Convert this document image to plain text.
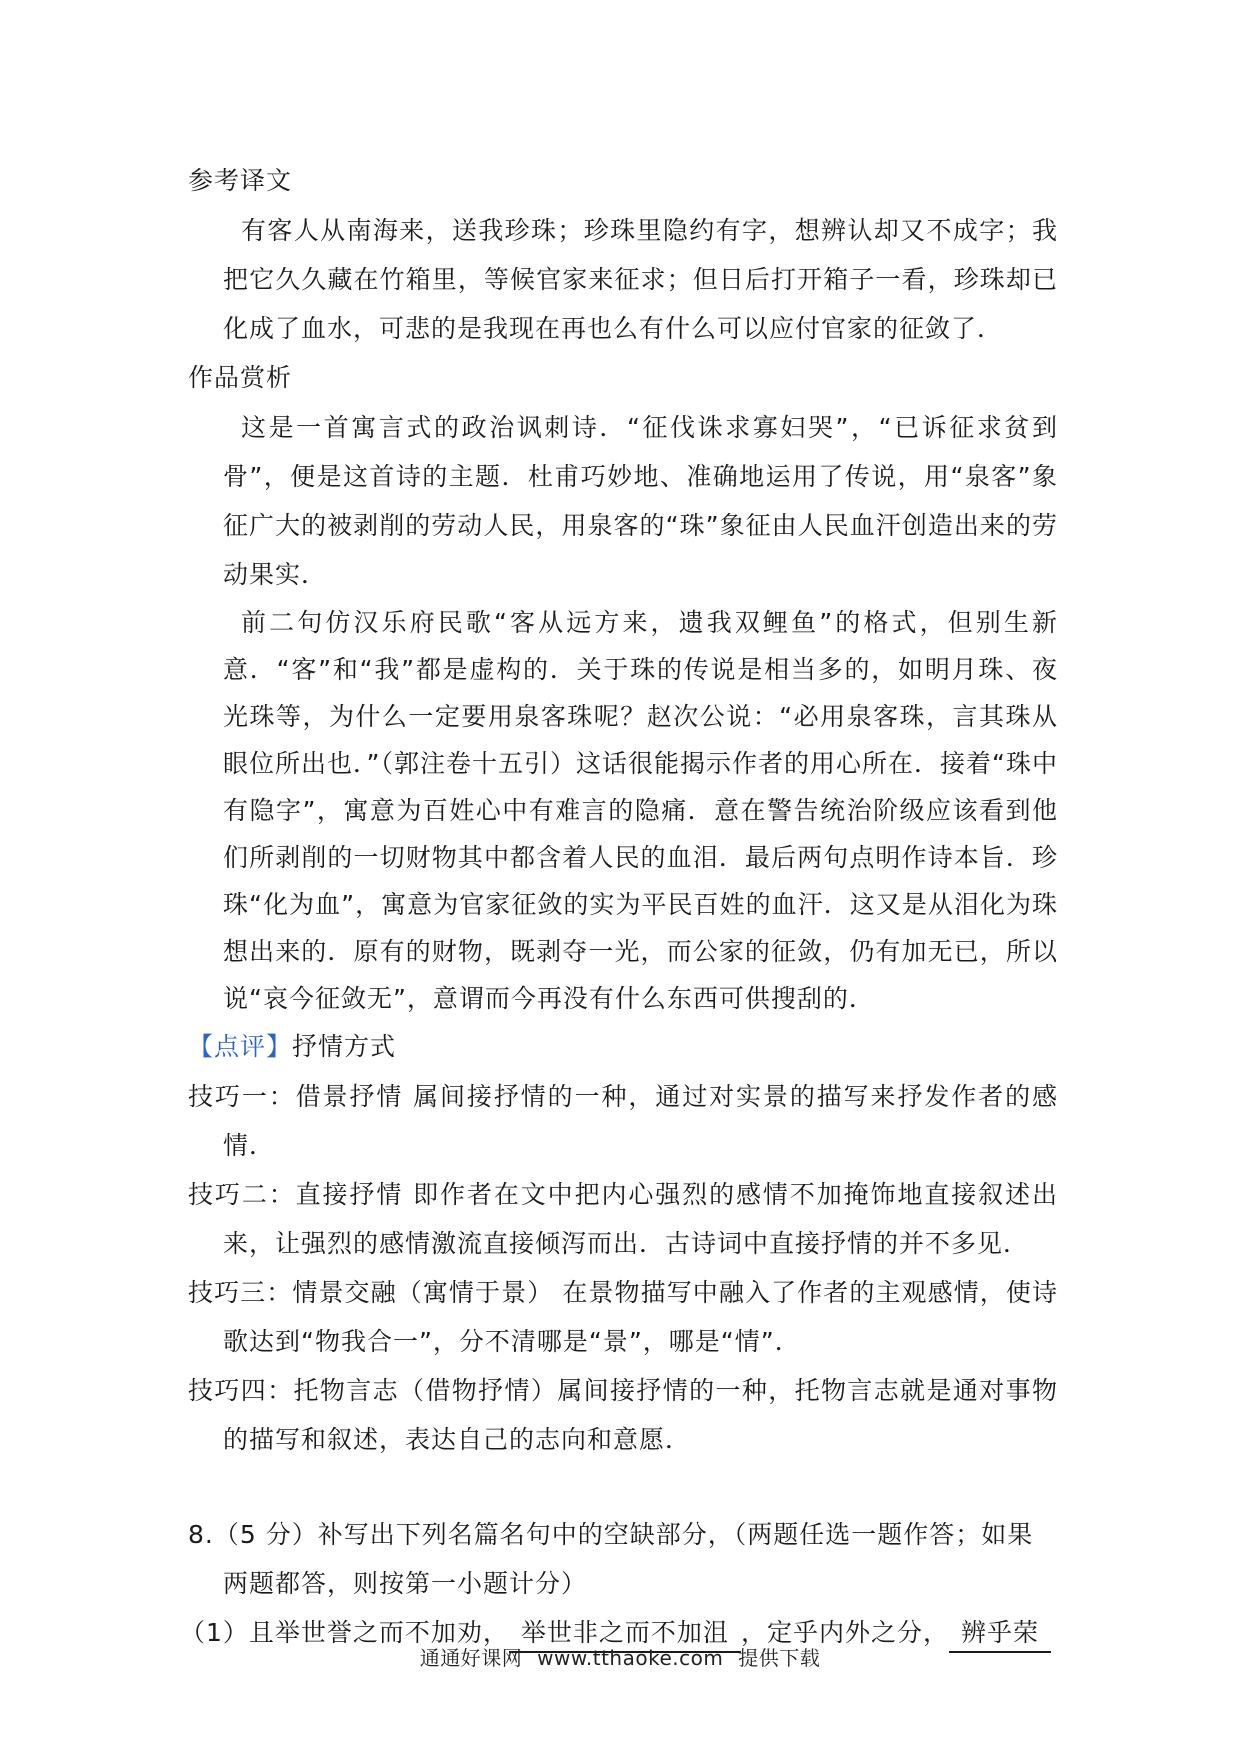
参考译文
有客人从南海来，送我珍珠；珍珠里隐约有字，想辨认却又不成字；我把它久久藏在竹箱里，等候官家来征求；但日后打开箱子一看，珍珠却已化成了血水，可悲的是我现在再也么有什么可以应付官家的征敛了．
作品赏析
这是一首寓言式的政治讽刺诗．“征伐诛求寡妇哭”，“已诉征求贫到骨”，便是这首诗的主题．杜甫巧妙地、准确地运用了传说，用“泉客”象征广大的被剥削的劳动人民，用泉客的“珠”象征由人民血汗创造出来的劳动果实．
前二句仿汉乐府民歌“客从远方来，遗我双鲤鱼”的格式，但别生新意．“客”和“我”都是虚构的．关于珠的传说是相当多的，如明月珠、夜光珠等，为什么一定要用泉客珠呢？赵次公说：“必用泉客珠，言其珠从眼位所出也．”（郭注卷十五引）这话很能揭示作者的用心所在．接着“珠中有隐字”，寓意为百姓心中有难言的隐痛．意在警告统治阶级应该看到他们所剥削的一切财物其中都含着人民的血泪．最后两句点明作诗本旨．珍珠“化为血”，寓意为官家征敛的实为平民百姓的血汗．这又是从泪化为珠想出来的．原有的财物，既剥夺一光，而公家的征敛，仍有加无已，所以说“哀今征敛无”，意谓而今再没有什么东西可供搜刮的．
【点评】抒情方式
技巧一：借景抒情 属间接抒情的一种，通过对实景的描写来抒发作者的感情．
技巧二：直接抒情 即作者在文中把内心强烈的感情不加掩饰地直接叙述出来，让强烈的感情激流直接倾泻而出．古诗词中直接抒情的并不多见．
技巧三：情景交融（寓情于景） 在景物描写中融入了作者的主观感情，使诗歌达到“物我合一”，分不清哪是“景”，哪是“情”．
技巧四：托物言志（借物抒情）属间接抒情的一种，托物言志就是通对事物的描写和叙述，表达自己的志向和意愿．
8.（5 分）补写出下列名篇名句中的空缺部分，（两题任选一题作答；如果两题都答，则按第一小题计分）
（1）且举世誉之而不加劝， 举世非之而不加沮 ，定乎内外之分， 辨乎荣
通通好课网 www.tthaoke.com 提供下载
